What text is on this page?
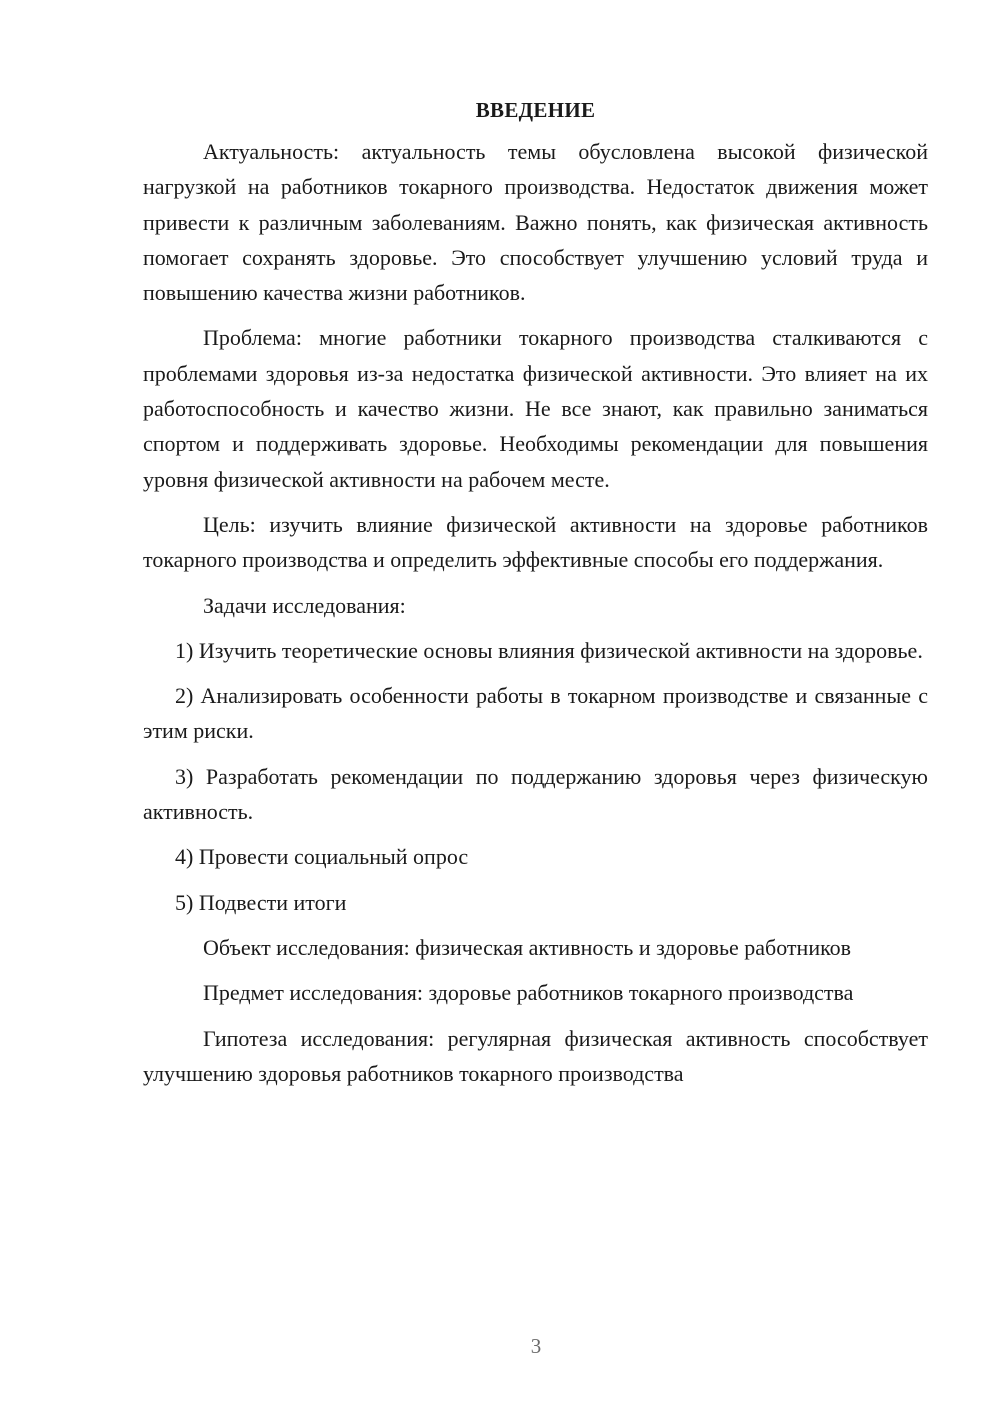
ВВЕДЕНИЕ

Актуальность: актуальность темы обусловлена высокой физической нагрузкой на работников токарного производства. Недостаток движения может привести к различным заболеваниям. Важно понять, как физическая активность помогает сохранять здоровье. Это способствует улучшению условий труда и повышению качества жизни работников.

Проблема: многие работники токарного производства сталкиваются с проблемами здоровья из-за недостатка физической активности. Это влияет на их работоспособность и качество жизни. Не все знают, как правильно заниматься спортом и поддерживать здоровье. Необходимы рекомендации для повышения уровня физической активности на рабочем месте.

Цель: изучить влияние физической активности на здоровье работников токарного производства и определить эффективные способы его поддержания.

Задачи исследования:

1) Изучить теоретические основы влияния физической активности на здоровье.

2) Анализировать особенности работы в токарном производстве и связанные с этим риски.

3) Разработать рекомендации по поддержанию здоровья через физическую активность.

4) Провести социальный опрос

5) Подвести итоги

Объект исследования: физическая активность и здоровье работников

Предмет исследования: здоровье работников токарного производства

Гипотеза исследования: регулярная физическая активность способствует улучшению здоровья работников токарного производства

3
